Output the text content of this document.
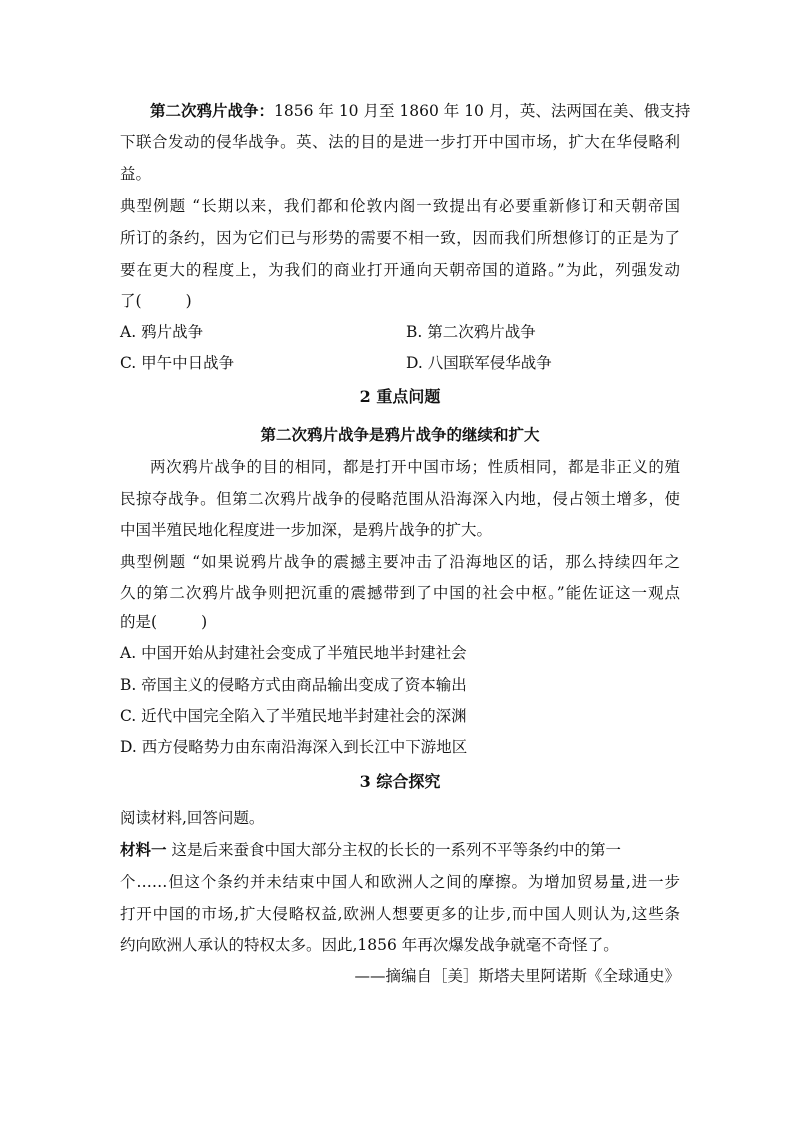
第二次鸦片战争：1856 年 10 月至 1860 年 10 月，英、法两国在美、俄支持
下联合发动的侵华战争。英、法的目的是进一步打开中国市场，扩大在华侵略利
益。
典型例题 “长期以来，我们都和伦敦内阁一致提出有必要重新修订和天朝帝国
所订的条约，因为它们已与形势的需要不相一致，因而我们所想修订的正是为了
要在更大的程度上，为我们的商业打开通向天朝帝国的道路。”为此，列强发动
了(	)
A. 鸦片战争	B. 第二次鸦片战争
C. 甲午中日战争	D. 八国联军侵华战争
2 重点问题
第二次鸦片战争是鸦片战争的继续和扩大
两次鸦片战争的目的相同，都是打开中国市场；性质相同，都是非正义的殖
民掠夺战争。但第二次鸦片战争的侵略范围从沿海深入内地，侵占领土增多，使
中国半殖民地化程度进一步加深，是鸦片战争的扩大。
典型例题 “如果说鸦片战争的震撼主要冲击了沿海地区的话，那么持续四年之
久的第二次鸦片战争则把沉重的震撼带到了中国的社会中枢。”能佐证这一观点
的是(	)
A. 中国开始从封建社会变成了半殖民地半封建社会
B. 帝国主义的侵略方式由商品输出变成了资本输出
C. 近代中国完全陷入了半殖民地半封建社会的深渊
D. 西方侵略势力由东南沿海深入到长江中下游地区
3 综合探究
阅读材料,回答问题。
材料一 这是后来蚕食中国大部分主权的长长的一系列不平等条约中的第一
个……但这个条约并未结束中国人和欧洲人之间的摩擦。为增加贸易量,进一步
打开中国的市场,扩大侵略权益,欧洲人想要更多的让步,而中国人则认为,这些条
约向欧洲人承认的特权太多。因此,1856 年再次爆发战争就毫不奇怪了。
——摘编自［美］斯塔夫里阿诺斯《全球通史》
